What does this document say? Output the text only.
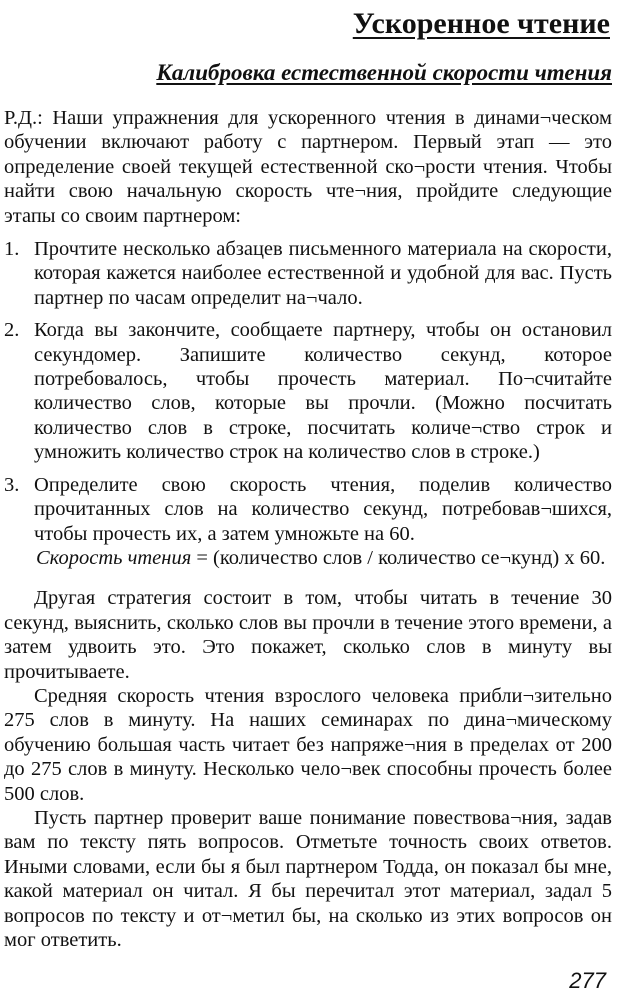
Ускоренное чтение
Калибровка естественной скорости чтения

Р.Д.: Наши упражнения для ускоренного чтения в динами¬ческом обучении включают работу с партнером. Первый этап — это определение своей текущей естественной ско¬рости чтения. Чтобы найти свою начальную скорость чте¬ния, пройдите следующие этапы со своим партнером:

1. Прочтите несколько абзацев письменного материала на скорости, которая кажется наиболее естественной и удобной для вас. Пусть партнер по часам определит на¬чало.
2. Когда вы закончите, сообщаете партнеру, чтобы он остановил секундомер. Запишите количество секунд, которое потребовалось, чтобы прочесть материал. По¬считайте количество слов, которые вы прочли. (Можно посчитать количество слов в строке, посчитать количе¬ство строк и умножить количество строк на количество слов в строке.)
3. Определите свою скорость чтения, поделив количество прочитанных слов на количество секунд, потребовав¬шихся, чтобы прочесть их, а затем умножьте на 60.
Скорость чтения = (количество слов / количество се¬кунд) x 60.

Другая стратегия состоит в том, чтобы читать в течение 30 секунд, выяснить, сколько слов вы прочли в течение этого времени, а затем удвоить это. Это покажет, сколько слов в минуту вы прочитываете.

Средняя скорость чтения взрослого человека прибли¬зительно 275 слов в минуту. На наших семинарах по дина¬мическому обучению большая часть читает без напряже¬ния в пределах от 200 до 275 слов в минуту. Несколько чело¬век способны прочесть более 500 слов.

Пусть партнер проверит ваше понимание повествова¬ния, задав вам по тексту пять вопросов. Отметьте точность своих ответов. Иными словами, если бы я был партнером Тодда, он показал бы мне, какой материал он читал. Я бы перечитал этот материал, задал 5 вопросов по тексту и от¬метил бы, на сколько из этих вопросов он мог ответить.

277
